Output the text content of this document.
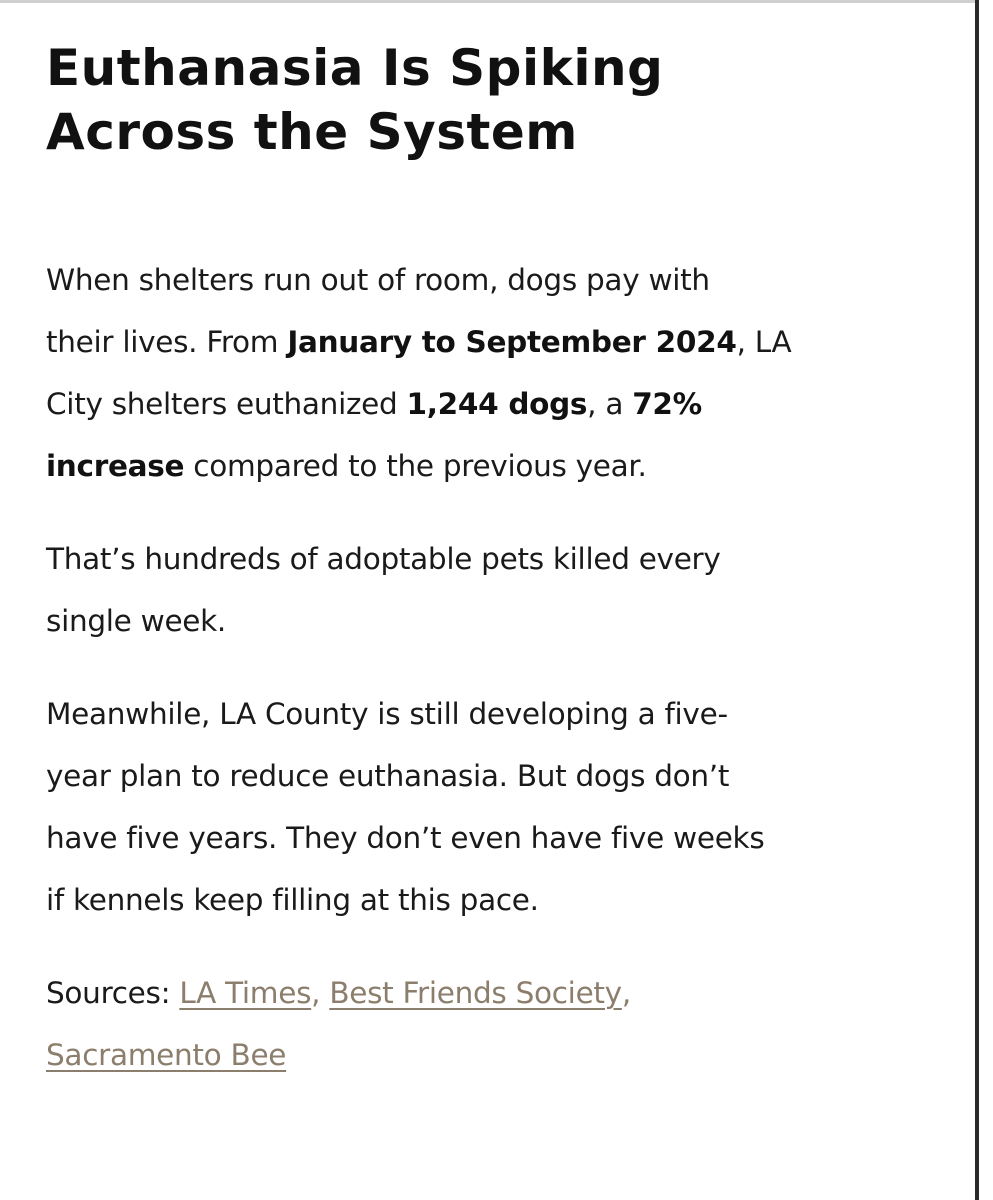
Euthanasia Is Spiking
Across the System

When shelters run out of room, dogs pay with
their lives. From January to September 2024, LA
City shelters euthanized 1,244 dogs, a 72%
increase compared to the previous year.

That’s hundreds of adoptable pets killed every
single week.

Meanwhile, LA County is still developing a five-
year plan to reduce euthanasia. But dogs don’t
have five years. They don’t even have five weeks
if kennels keep filling at this pace.

Sources: LA Times, Best Friends Society,
Sacramento Bee
